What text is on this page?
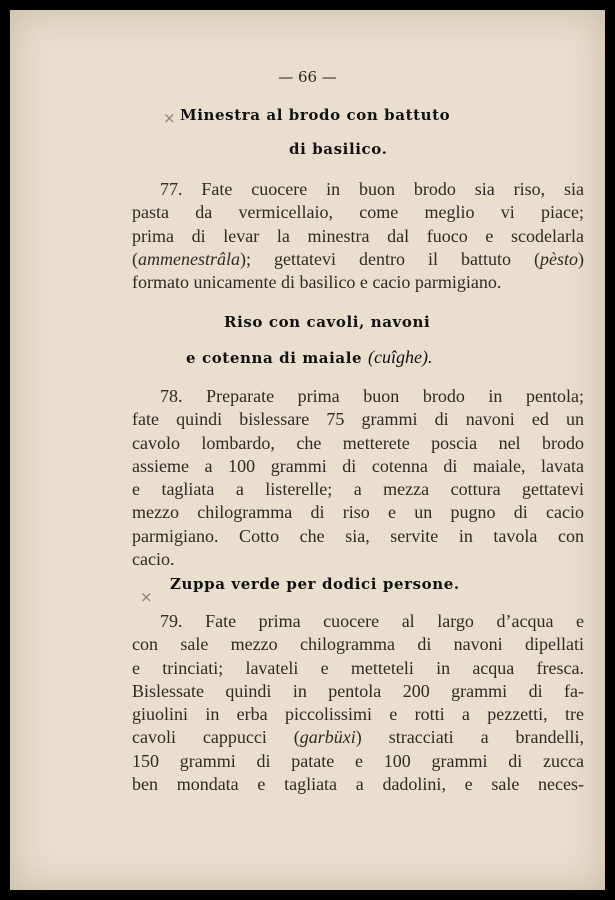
— 66 —
× Minestra al brodo con battuto
di basilico.
77. Fate cuocere in buon brodo sia riso, sia
pasta da vermicellaio, come meglio vi piace;
prima di levar la minestra dal fuoco e scodelarla
(ammenestrâla); gettatevi dentro il battuto (pèsto)
formato unicamente di basilico e cacio parmigiano.
Riso con cavoli, navoni
e cotenna di maiale (cuîghe).
78. Preparate prima buon brodo in pentola;
fate quindi bislessare 75 grammi di navoni ed un
cavolo lombardo, che metterete poscia nel brodo
assieme a 100 grammi di cotenna di maiale, lavata
e tagliata a listerelle; a mezza cottura gettatevi
mezzo chilogramma di riso e un pugno di cacio
parmigiano. Cotto che sia, servite in tavola con
cacio.
×
Zuppa verde per dodici persone.
79. Fate prima cuocere al largo d’acqua e
con sale mezzo chilogramma di navoni dipellati
e trinciati; lavateli e metteteli in acqua fresca.
Bislessate quindi in pentola 200 grammi di fa-
giuolini in erba piccolissimi e rotti a pezzetti, tre
cavoli cappucci (garbüxi) stracciati a brandelli,
150 grammi di patate e 100 grammi di zucca
ben mondata e tagliata a dadolini, e sale neces-
